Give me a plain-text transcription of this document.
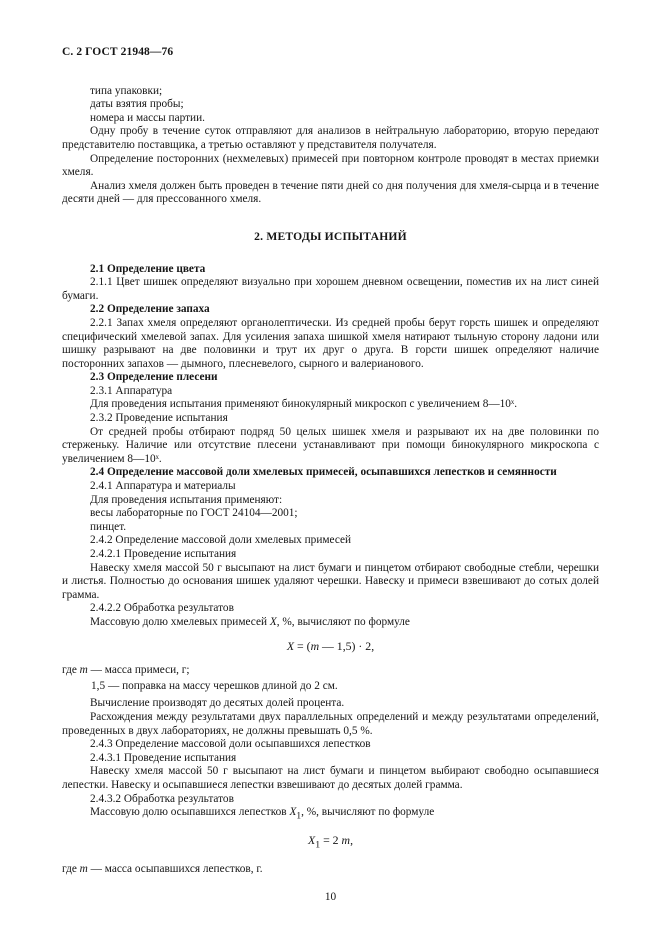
С. 2 ГОСТ 21948—76

типа упаковки;

даты взятия пробы;

номера и массы партии.

Одну пробу в течение суток отправляют для анализов в нейтральную лабораторию, вторую передают представителю поставщика, а третью оставляют у представителя получателя.

Определение посторонних (нехмелевых) примесей при повторном контроле проводят в местах приемки хмеля.

Анализ хмеля должен быть проведен в течение пяти дней со дня получения для хмеля-сырца и в течение десяти дней — для прессованного хмеля.

2. МЕТОДЫ ИСПЫТАНИЙ

2.1 Определение цвета

2.1.1 Цвет шишек определяют визуально при хорошем дневном освещении, поместив их на лист синей бумаги.

2.2 Определение запаха

2.2.1 Запах хмеля определяют органолептически. Из средней пробы берут горсть шишек и определяют специфический хмелевой запах. Для усиления запаха шишкой хмеля натирают тыльную сторону ладони или шишку разрывают на две половинки и трут их друг о друга. В горсти шишек определяют наличие посторонних запахов — дымного, плесневелого, сырного и валерианового.

2.3 Определение плесени

2.3.1 Аппаратура

Для проведения испытания применяют бинокулярный микроскоп с увеличением 8—10ˣ.

2.3.2 Проведение испытания

От средней пробы отбирают подряд 50 целых шишек хмеля и разрывают их на две половинки по стерженьку. Наличие или отсутствие плесени устанавливают при помощи бинокулярного микроскопа с увеличением 8—10ˣ.

2.4 Определение массовой доли хмелевых примесей, осыпавшихся лепестков и семянности

2.4.1 Аппаратура и материалы

Для проведения испытания применяют:

весы лабораторные по ГОСТ 24104—2001;

пинцет.

2.4.2 Определение массовой доли хмелевых примесей

2.4.2.1 Проведение испытания

Навеску хмеля массой 50 г высыпают на лист бумаги и пинцетом отбирают свободные стебли, черешки и листья. Полностью до основания шишек удаляют черешки. Навеску и примеси взвешивают до сотых долей грамма.

2.4.2.2 Обработка результатов

Массовую долю хмелевых примесей X, %, вычисляют по формуле

X = (m — 1,5) · 2,

где m — масса примеси, г;

1,5 — поправка на массу черешков длиной до 2 см.

Вычисление производят до десятых долей процента.

Расхождения между результатами двух параллельных определений и между результатами определений, проведенных в двух лабораториях, не должны превышать 0,5 %.

2.4.3 Определение массовой доли осыпавшихся лепестков

2.4.3.1 Проведение испытания

Навеску хмеля массой 50 г высыпают на лист бумаги и пинцетом выбирают свободно осыпавшиеся лепестки. Навеску и осыпавшиеся лепестки взвешивают до десятых долей грамма.

2.4.3.2 Обработка результатов

Массовую долю осыпавшихся лепестков $X_1$, %, вычисляют по формуле

$X_1 = 2$ m,

где m — масса осыпавшихся лепестков, г.

10
